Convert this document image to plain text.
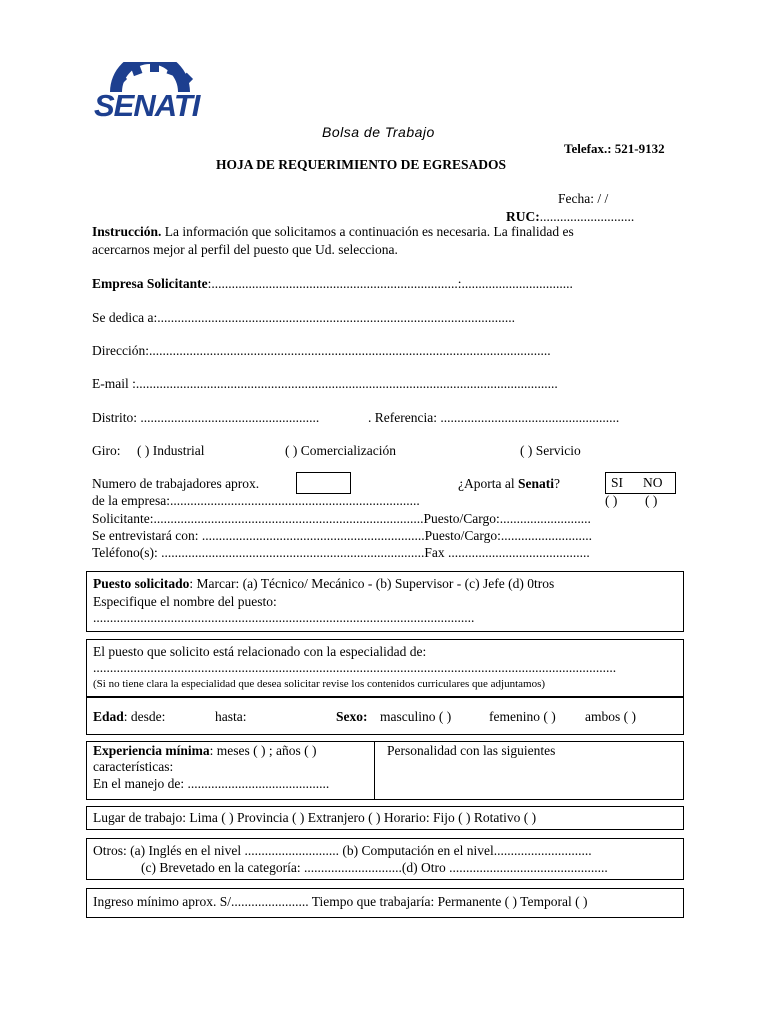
SENATI
Bolsa de Trabajo
Telefax.: 521-9132
HOJA DE REQUERIMIENTO DE EGRESADOS
Fecha: / /
RUC:............................
Instrucción. La información que solicitamos a continuación es necesaria. La finalidad es
acercarnos mejor al perfil del puesto que Ud. selecciona.
Empresa Solicitante:.........................................................................:.................................
Se dedica a:..........................................................................................................
Dirección:.......................................................................................................................
E-mail :.............................................................................................................................
Distrito: .....................................................	. Referencia: .....................................................
Giro: ( ) Industrial	( ) Comercialización	( ) Servicio
Numero de trabajadores aprox.	¿Aporta al Senati?	SI NO
de la empresa:..........................................................................	( ) ( )
Solicitante:................................................................................Puesto/Cargo:...........................
Se entrevistará con: ..................................................................Puesto/Cargo:...........................
Teléfono(s): ..............................................................................Fax ..........................................
Puesto solicitado: Marcar: (a) Técnico/ Mecánico - (b) Supervisor - (c) Jefe (d) 0tros
Especifique el nombre del puesto:
.................................................................................................................
El puesto que solicito está relacionado con la especialidad de:
...........................................................................................................................................................
(Si no tiene clara la especialidad que desea solicitar revise los contenidos curriculares que adjuntamos)
Edad: desde:	hasta:	Sexo: masculino ( )	femenino ( ) ambos ( )
Experiencia mínima: meses ( ) ; años ( )
características:
En el manejo de: ..........................................
Personalidad con las siguientes
Lugar de trabajo: Lima ( ) Provincia ( ) Extranjero ( ) Horario: Fijo ( ) Rotativo ( )
Otros: (a) Inglés en el nivel ............................ (b) Computación en el nivel.............................
(c) Brevetado en la categoría: .............................(d) Otro ...............................................
Ingreso mínimo aprox. S/....................... Tiempo que trabajaría: Permanente ( ) Temporal ( )
